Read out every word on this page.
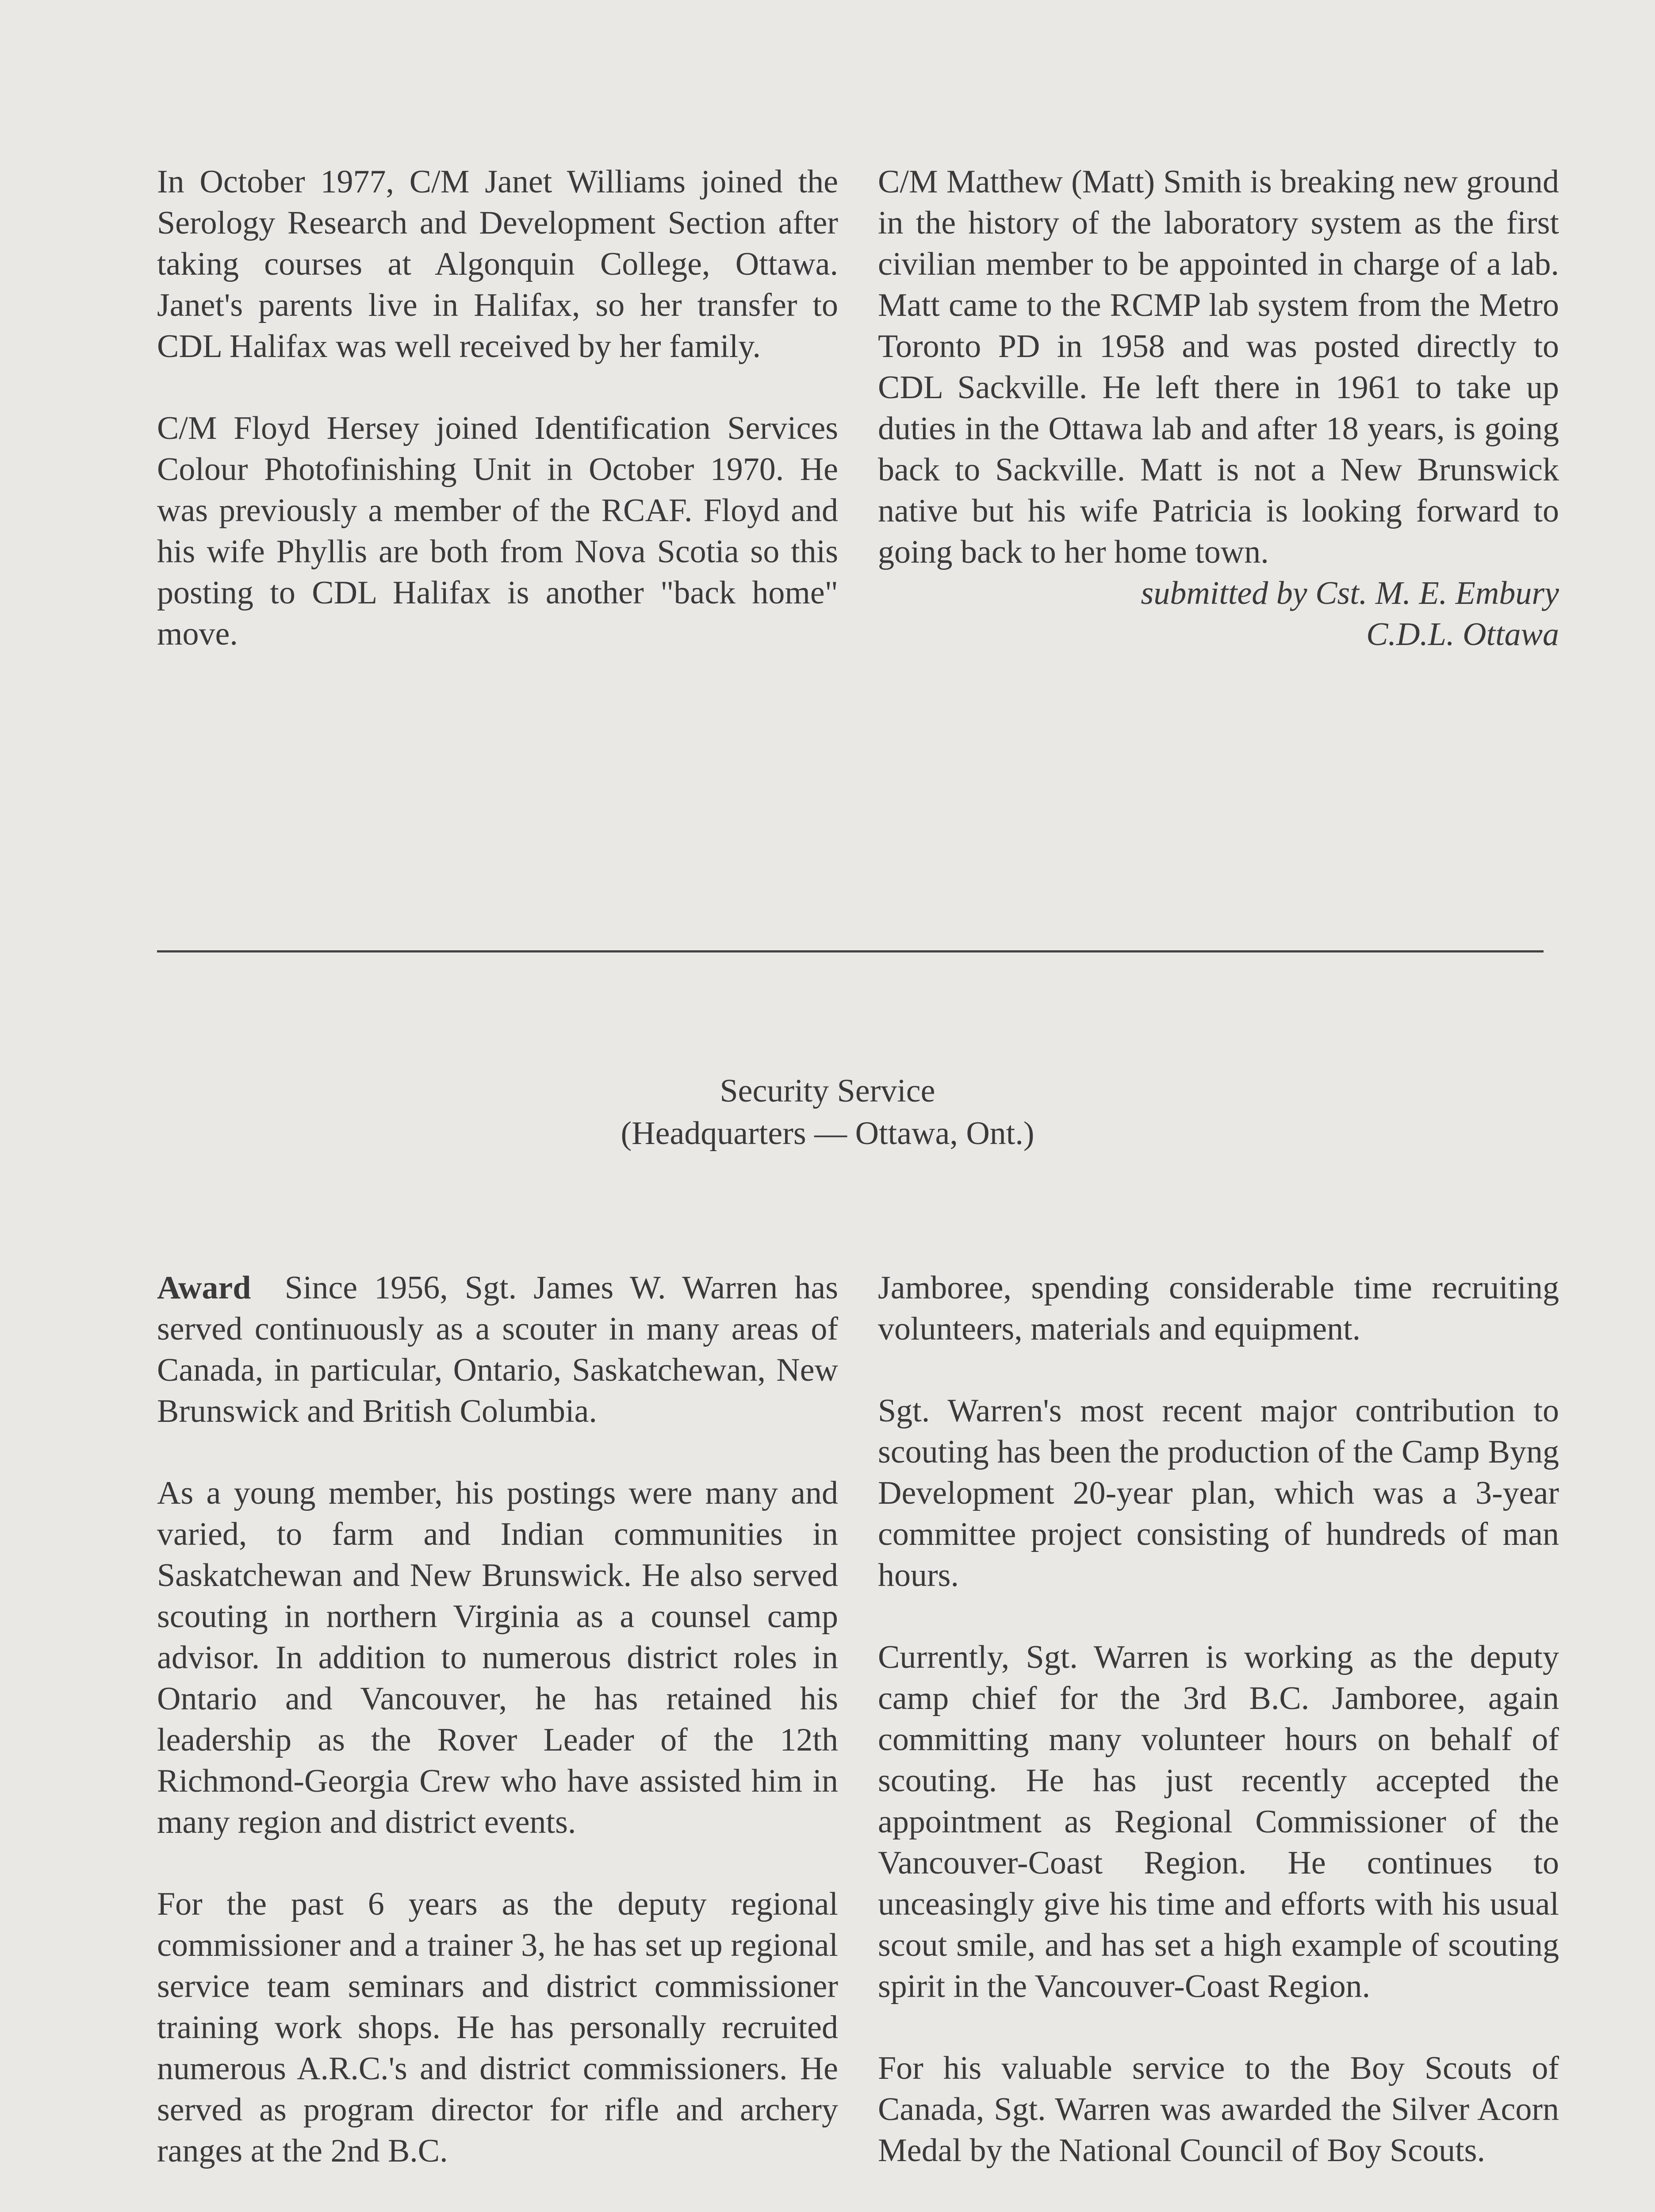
In October 1977, C/M Janet Williams joined the Serology Research and Development Section after taking courses at Algonquin College, Ottawa. Janet's parents live in Halifax, so her transfer to CDL Halifax was well received by her family.

C/M Floyd Hersey joined Identification Services Colour Photofinishing Unit in October 1970. He was previously a member of the RCAF. Floyd and his wife Phyllis are both from Nova Scotia so this posting to CDL Halifax is another "back home" move.

C/M Matthew (Matt) Smith is breaking new ground in the history of the laboratory system as the first civilian member to be appointed in charge of a lab. Matt came to the RCMP lab system from the Metro Toronto PD in 1958 and was posted directly to CDL Sackville. He left there in 1961 to take up duties in the Ottawa lab and after 18 years, is going back to Sackville. Matt is not a New Brunswick native but his wife Patricia is looking forward to going back to her home town.

submitted by Cst. M. E. Embury

C.D.L. Ottawa

Security Service
(Headquarters — Ottawa, Ont.)

Award Since 1956, Sgt. James W. Warren has served continuously as a scouter in many areas of Canada, in particular, Ontario, Saskatchewan, New Brunswick and British Columbia.

As a young member, his postings were many and varied, to farm and Indian communities in Saskatchewan and New Brunswick. He also served scouting in northern Virginia as a counsel camp advisor. In addition to numerous district roles in Ontario and Vancouver, he has retained his leadership as the Rover Leader of the 12th Richmond-Georgia Crew who have assisted him in many region and district events.

For the past 6 years as the deputy regional commissioner and a trainer 3, he has set up regional service team seminars and district commissioner training work shops. He has personally recruited numerous A.R.C.'s and district commissioners. He served as program director for rifle and archery ranges at the 2nd B.C.

Jamboree, spending considerable time recruiting volunteers, materials and equipment.

Sgt. Warren's most recent major contribution to scouting has been the production of the Camp Byng Development 20-year plan, which was a 3-year committee project consisting of hundreds of man hours.

Currently, Sgt. Warren is working as the deputy camp chief for the 3rd B.C. Jamboree, again committing many volunteer hours on behalf of scouting. He has just recently accepted the appointment as Regional Commissioner of the Vancouver-Coast Region. He continues to unceasingly give his time and efforts with his usual scout smile, and has set a high example of scouting spirit in the Vancouver-Coast Region.

For his valuable service to the Boy Scouts of Canada, Sgt. Warren was awarded the Silver Acorn Medal by the National Council of Boy Scouts.
